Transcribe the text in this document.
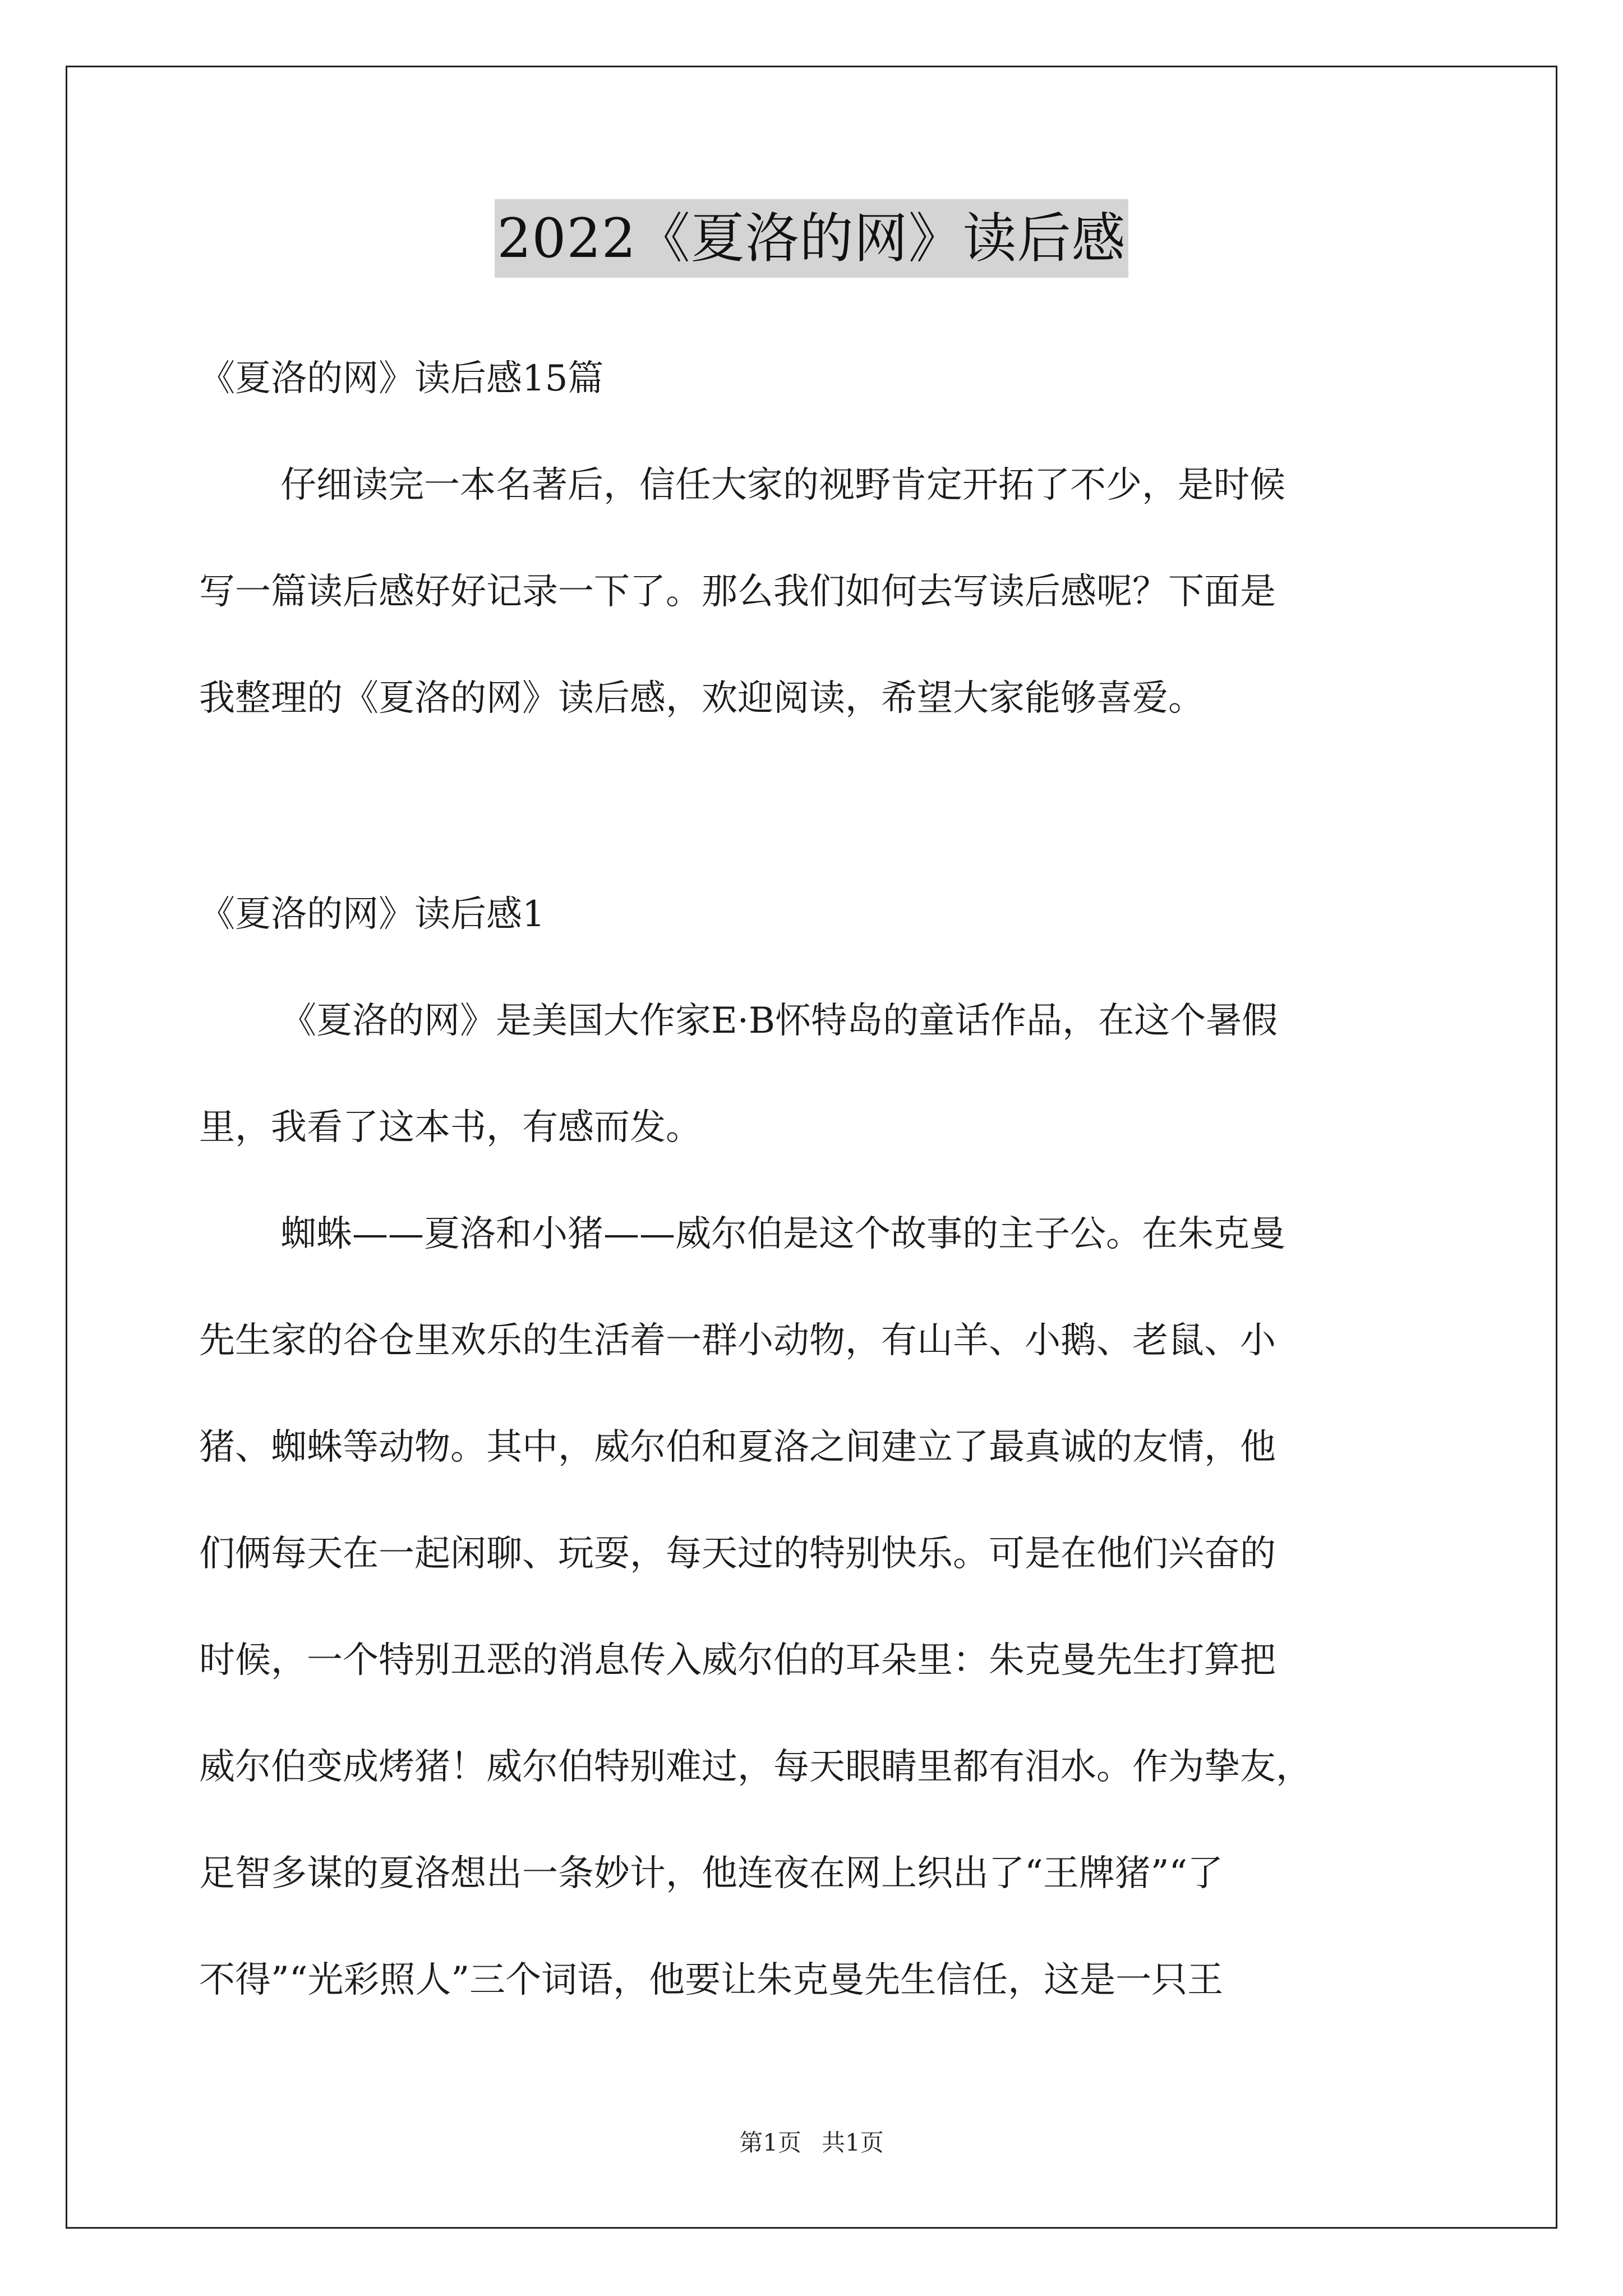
2022《夏洛的网》读后感
《夏洛的网》读后感15篇
仔细读完一本名著后，信任大家的视野肯定开拓了不少，是时候
写一篇读后感好好记录一下了。那么我们如何去写读后感呢？下面是
我整理的《夏洛的网》读后感，欢迎阅读，希望大家能够喜爱。
《夏洛的网》读后感1
《夏洛的网》是美国大作家E·B怀特岛的童话作品，在这个暑假
里，我看了这本书，有感而发。
蜘蛛——夏洛和小猪——威尔伯是这个故事的主子公。在朱克曼
先生家的谷仓里欢乐的生活着一群小动物，有山羊、小鹅、老鼠、小
猪、蜘蛛等动物。其中，威尔伯和夏洛之间建立了最真诚的友情，他
们俩每天在一起闲聊、玩耍，每天过的特别快乐。可是在他们兴奋的
时候，一个特别丑恶的消息传入威尔伯的耳朵里：朱克曼先生打算把
威尔伯变成烤猪！威尔伯特别难过，每天眼睛里都有泪水。作为挚友，
足智多谋的夏洛想出一条妙计，他连夜在网上织出了“王牌猪”“了
不得”“光彩照人”三个词语，他要让朱克曼先生信任，这是一只王
第1页 共1页
